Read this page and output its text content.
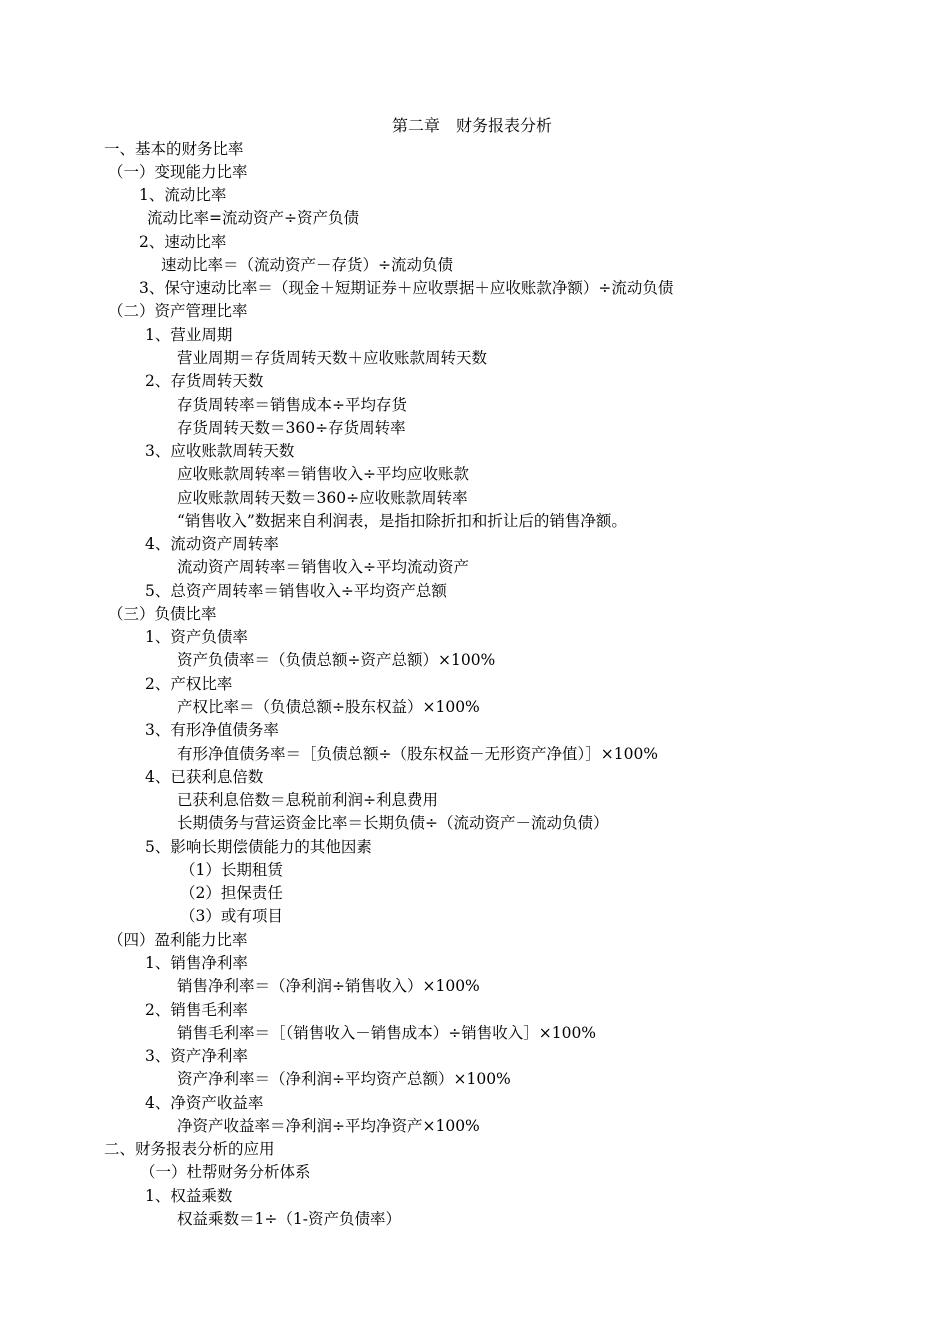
第二章　财务报表分析
一、基本的财务比率
（一）变现能力比率
1、流动比率
流动比率=流动资产÷资产负债
2、速动比率
速动比率＝（流动资产－存货）÷流动负债
3、保守速动比率＝（现金＋短期证券＋应收票据＋应收账款净额）÷流动负债
（二）资产管理比率
1、营业周期
营业周期＝存货周转天数＋应收账款周转天数
2、存货周转天数
存货周转率＝销售成本÷平均存货
存货周转天数＝360÷存货周转率
3、应收账款周转天数
应收账款周转率＝销售收入÷平均应收账款
应收账款周转天数＝360÷应收账款周转率
“销售收入”数据来自利润表，是指扣除折扣和折让后的销售净额。
4、流动资产周转率
流动资产周转率＝销售收入÷平均流动资产
5、总资产周转率＝销售收入÷平均资产总额
（三）负债比率
1、资产负债率
资产负债率＝（负债总额÷资产总额）×100%
2、产权比率
产权比率＝（负债总额÷股东权益）×100%
3、有形净值债务率
有形净值债务率＝［负债总额÷（股东权益－无形资产净值）］×100%
4、已获利息倍数
已获利息倍数＝息税前利润÷利息费用
长期债务与营运资金比率＝长期负债÷（流动资产－流动负债）
5、影响长期偿债能力的其他因素
（1）长期租赁
（2）担保责任
（3）或有项目
（四）盈利能力比率
1、销售净利率
销售净利率＝（净利润÷销售收入）×100%
2、销售毛利率
销售毛利率＝［（销售收入－销售成本）÷销售收入］×100%
3、资产净利率
资产净利率＝（净利润÷平均资产总额）×100%
4、净资产收益率
净资产收益率＝净利润÷平均净资产×100%
二、财务报表分析的应用
（一）杜帮财务分析体系
1、权益乘数
权益乘数＝1÷（1-资产负债率）
